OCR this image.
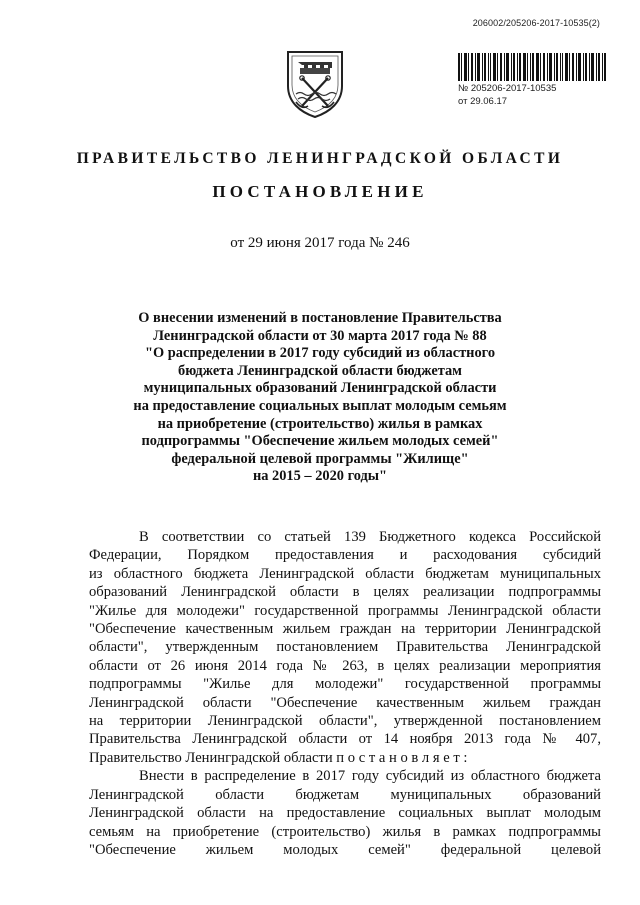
206002/205206-2017-10535(2)
№ 205206-2017-10535
от 29.06.17
ПРАВИТЕЛЬСТВО ЛЕНИНГРАДСКОЙ ОБЛАСТИ
ПОСТАНОВЛЕНИЕ
от 29 июня 2017 года № 246
О внесении изменений в постановление Правительства
Ленинградской области от 30 марта 2017 года № 88
"О распределении в 2017 году субсидий из областного
бюджета Ленинградской области бюджетам
муниципальных образований Ленинградской области
на предоставление социальных выплат молодым семьям
на приобретение (строительство) жилья в рамках
подпрограммы "Обеспечение жильем молодых семей"
федеральной целевой программы "Жилище"
на 2015 – 2020 годы"
В соответствии со статьей 139 Бюджетного кодекса Российской
Федерации, Порядком предоставления и расходования субсидий
из областного бюджета Ленинградской области бюджетам муниципальных
образований Ленинградской области в целях реализации подпрограммы
"Жилье для молодежи" государственной программы Ленинградской области
"Обеспечение качественным жильем граждан на территории Ленинградской
области", утвержденным постановлением Правительства Ленинградской
области от 26 июня 2014 года № 263, в целях реализации мероприятия
подпрограммы "Жилье для молодежи" государственной программы
Ленинградской области "Обеспечение качественным жильем граждан
на территории Ленинградской области", утвержденной постановлением
Правительства Ленинградской области от 14 ноября 2013 года № 407,
Правительство Ленинградской области п о с т а н о в л я е т :
Внести в распределение в 2017 году субсидий из областного бюджета
Ленинградской области бюджетам муниципальных образований
Ленинградской области на предоставление социальных выплат молодым
семьям на приобретение (строительство) жилья в рамках подпрограммы
"Обеспечение жильем молодых семей" федеральной целевой
